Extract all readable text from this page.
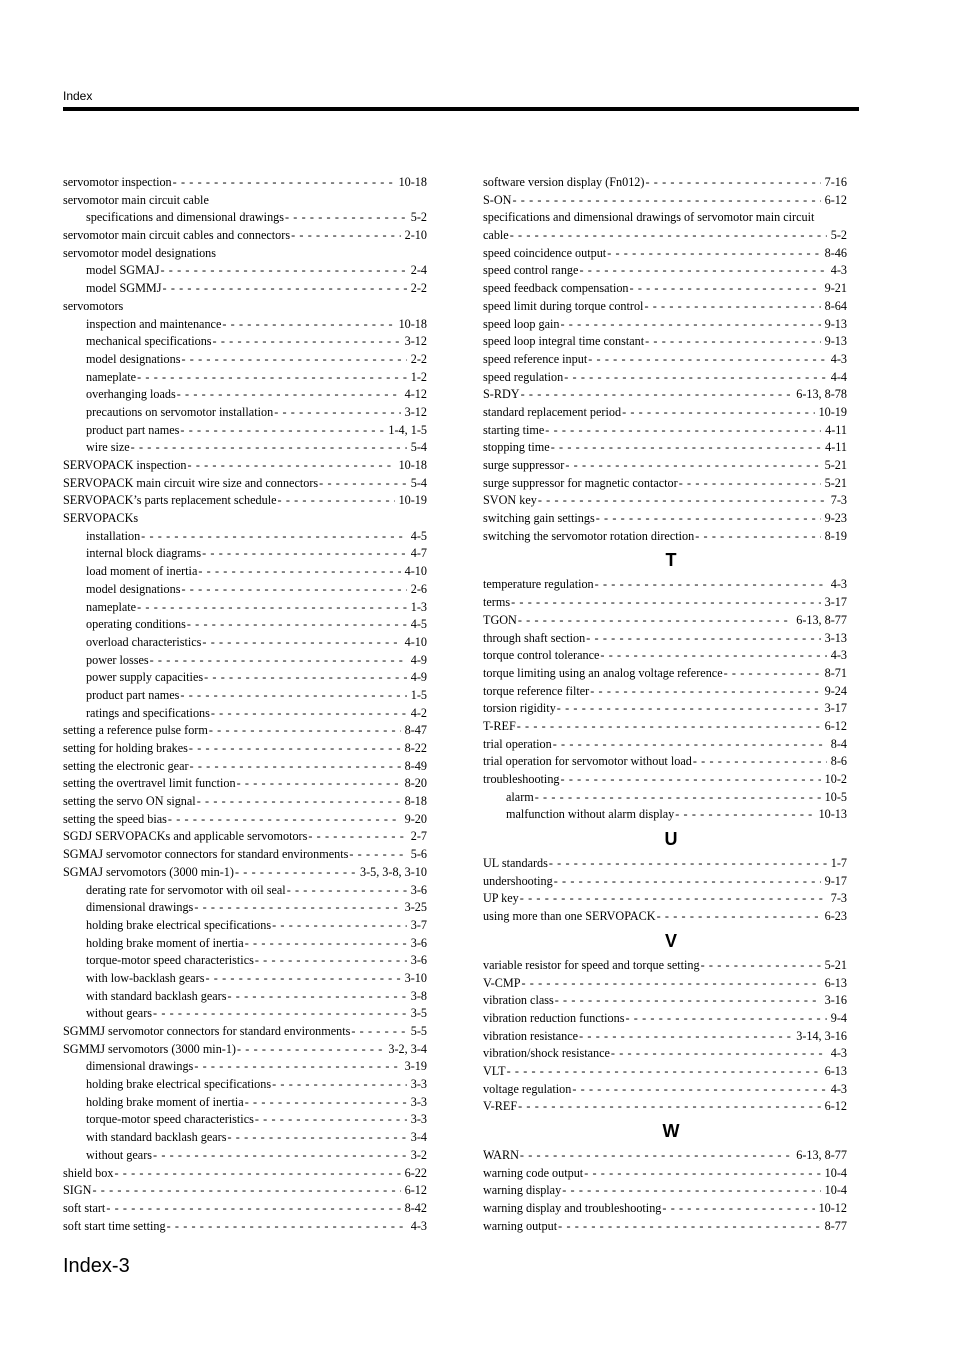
Index
servomotor inspection - - -	10-18
servomotor main circuit cable
specifications and dimensional drawings - - -	5-2
servomotor main circuit cables and connectors - - -	2-10
servomotor model designations
model SGMAJ - - -	2-4
model SGMMJ - - -	2-2
servomotors
inspection and maintenance - - -	10-18
mechanical specifications - - -	3-12
model designations - - -	2-2
nameplate - - -	1-2
overhanging loads - - -	4-12
precautions on servomotor installation - - -	3-12
product part names - - -	1-4, 1-5
wire size - - -	5-4
SERVOPACK inspection - - -	10-18
SERVOPACK main circuit wire size and connectors - - -	5-4
SERVOPACK’s parts replacement schedule - - -	10-19
SERVOPACKs
installation - - -	4-5
internal block diagrams - - -	4-7
load moment of inertia - - -	4-10
model designations - - -	2-6
nameplate - - -	1-3
operating conditions - - -	4-5
overload characteristics - - -	4-10
power losses - - -	4-9
power supply capacities - - -	4-9
product part names - - -	1-5
ratings and specifications - - -	4-2
setting a reference pulse form - - -	8-47
setting for holding brakes - - -	8-22
setting the electronic gear - - -	8-49
setting the overtravel limit function - - -	8-20
setting the servo ON signal - - -	8-18
setting the speed bias - - -	9-20
SGDJ SERVOPACKs and applicable servomotors - - -	2-7
SGMAJ servomotor connectors for standard environments - - -	5-6
SGMAJ servomotors (3000 min-1) - - -	3-5, 3-8, 3-10
derating rate for servomotor with oil seal - - -	3-6
dimensional drawings - - -	3-25
holding brake electrical specifications - - -	3-7
holding brake moment of inertia - - -	3-6
torque-motor speed characteristics - - -	3-6
with low-backlash gears - - -	3-10
with standard backlash gears - - -	3-8
without gears - - -	3-5
SGMMJ servomotor connectors for standard environments - - -	5-5
SGMMJ servomotors (3000 min-1) - - -	3-2, 3-4
dimensional drawings - - -	3-19
holding brake electrical specifications - - -	3-3
holding brake moment of inertia - - -	3-3
torque-motor speed characteristics - - -	3-3
with standard backlash gears - - -	3-4
without gears - - -	3-2
shield box - - -	6-22
SIGN - - -	6-12
soft start - - -	8-42
soft start time setting - - -	4-3
software version display (Fn012) - - -	7-16
S-ON - - -	6-12
specifications and dimensional drawings of servomotor main circuit
cable - - -	5-2
speed coincidence output - - -	8-46
speed control range - - -	4-3
speed feedback compensation - - -	9-21
speed limit during torque control - - -	8-64
speed loop gain - - -	9-13
speed loop integral time constant - - -	9-13
speed reference input - - -	4-3
speed regulation - - -	4-4
S-RDY - - -	6-13, 8-78
standard replacement period - - -	10-19
starting time - - -	4-11
stopping time - - -	4-11
surge suppressor - - -	5-21
surge suppressor for magnetic contactor - - -	5-21
SVON key - - -	7-3
switching gain settings - - -	9-23
switching the servomotor rotation direction - - -	8-19
T
temperature regulation - - -	4-3
terms - - -	3-17
TGON - - -	6-13, 8-77
through shaft section - - -	3-13
torque control tolerance - - -	4-3
torque limiting using an analog voltage reference - - -	8-71
torque reference filter - - -	9-24
torsion rigidity - - -	3-17
T-REF - - -	6-12
trial operation - - -	8-4
trial operation for servomotor without load - - -	8-6
troubleshooting - - -	10-2
alarm - - -	10-5
malfunction without alarm display - - -	10-13
U
UL standards - - -	1-7
undershooting - - -	9-17
UP key - - -	7-3
using more than one SERVOPACK - - -	6-23
V
variable resistor for speed and torque setting - - -	5-21
V-CMP - - -	6-13
vibration class - - -	3-16
vibration reduction functions - - -	9-4
vibration resistance - - -	3-14, 3-16
vibration/shock resistance - - -	4-3
VLT - - -	6-13
voltage regulation - - -	4-3
V-REF - - -	6-12
W
WARN - - -	6-13, 8-77
warning code output - - -	10-4
warning display - - -	10-4
warning display and troubleshooting - - -	10-12
warning output - - -	8-77
Index-3
